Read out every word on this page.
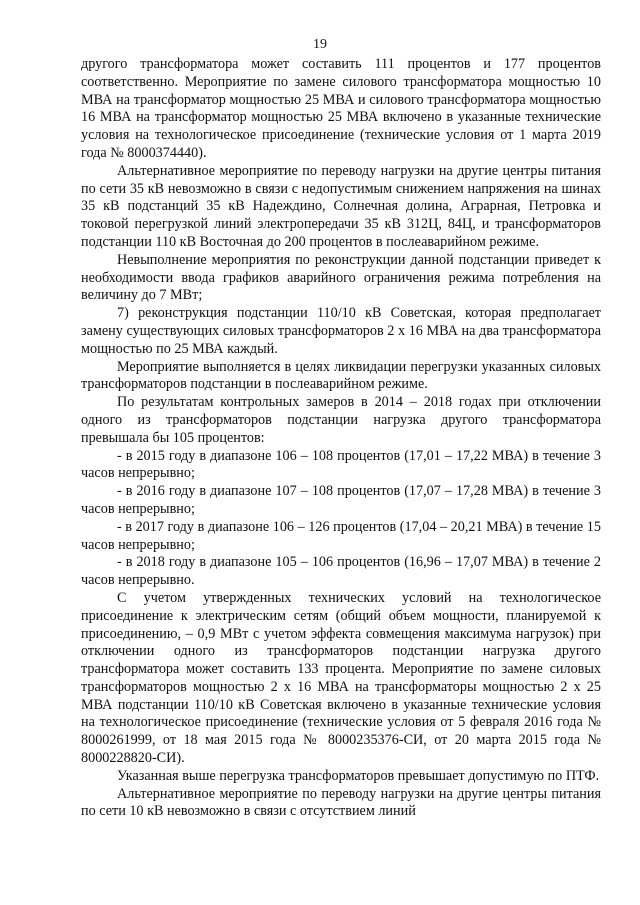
19

другого трансформатора может составить 111 процентов и 177 процентов соответственно. Мероприятие по замене силового трансформатора мощностью 10 МВА на трансформатор мощностью 25 МВА и силового трансформатора мощностью 16 МВА на трансформатор мощностью 25 МВА включено в указанные технические условия на технологическое присоединение (технические условия от 1 марта 2019 года № 8000374440).

Альтернативное мероприятие по переводу нагрузки на другие центры питания по сети 35 кВ невозможно в связи с недопустимым снижением напряжения на шинах 35 кВ подстанций 35 кВ Надеждино, Солнечная долина, Аграрная, Петровка и токовой перегрузкой линий электропередачи 35 кВ 312Ц, 84Ц, и трансформаторов подстанции 110 кВ Восточная до 200 процентов в послеаварийном режиме.

Невыполнение мероприятия по реконструкции данной подстанции приведет к необходимости ввода графиков аварийного ограничения режима потребления на величину до 7 МВт;

7) реконструкция подстанции 110/10 кВ Советская, которая предполагает замену существующих силовых трансформаторов 2 х 16 МВА на два трансформатора мощностью по 25 МВА каждый.

Мероприятие выполняется в целях ликвидации перегрузки указанных силовых трансформаторов подстанции в послеаварийном режиме.

По результатам контрольных замеров в 2014 – 2018 годах при отключении одного из трансформаторов подстанции нагрузка другого трансформатора превышала бы 105 процентов:

- в 2015 году в диапазоне 106 – 108 процентов (17,01 – 17,22 МВА) в течение 3 часов непрерывно;

- в 2016 году в диапазоне 107 – 108 процентов (17,07 – 17,28 МВА) в течение 3 часов непрерывно;

- в 2017 году в диапазоне 106 – 126 процентов (17,04 – 20,21 МВА) в течение 15 часов непрерывно;

- в 2018 году в диапазоне 105 – 106 процентов (16,96 – 17,07 МВА) в течение 2 часов непрерывно.

С учетом утвержденных технических условий на технологическое присоединение к электрическим сетям (общий объем мощности, планируемой к присоединению, – 0,9 МВт с учетом эффекта совмещения максимума нагрузок) при отключении одного из трансформаторов подстанции нагрузка другого трансформатора может составить 133 процента. Мероприятие по замене силовых трансформаторов мощностью 2 х 16 МВА на трансформаторы мощностью 2 х 25 МВА подстанции 110/10 кВ Советская включено в указанные технические условия на технологическое присоединение (технические условия от 5 февраля 2016 года № 8000261999, от 18 мая 2015 года № 8000235376-СИ, от 20 марта 2015 года № 8000228820-СИ).

Указанная выше перегрузка трансформаторов превышает допустимую по ПТФ.

Альтернативное мероприятие по переводу нагрузки на другие центры питания по сети 10 кВ невозможно в связи с отсутствием линий
